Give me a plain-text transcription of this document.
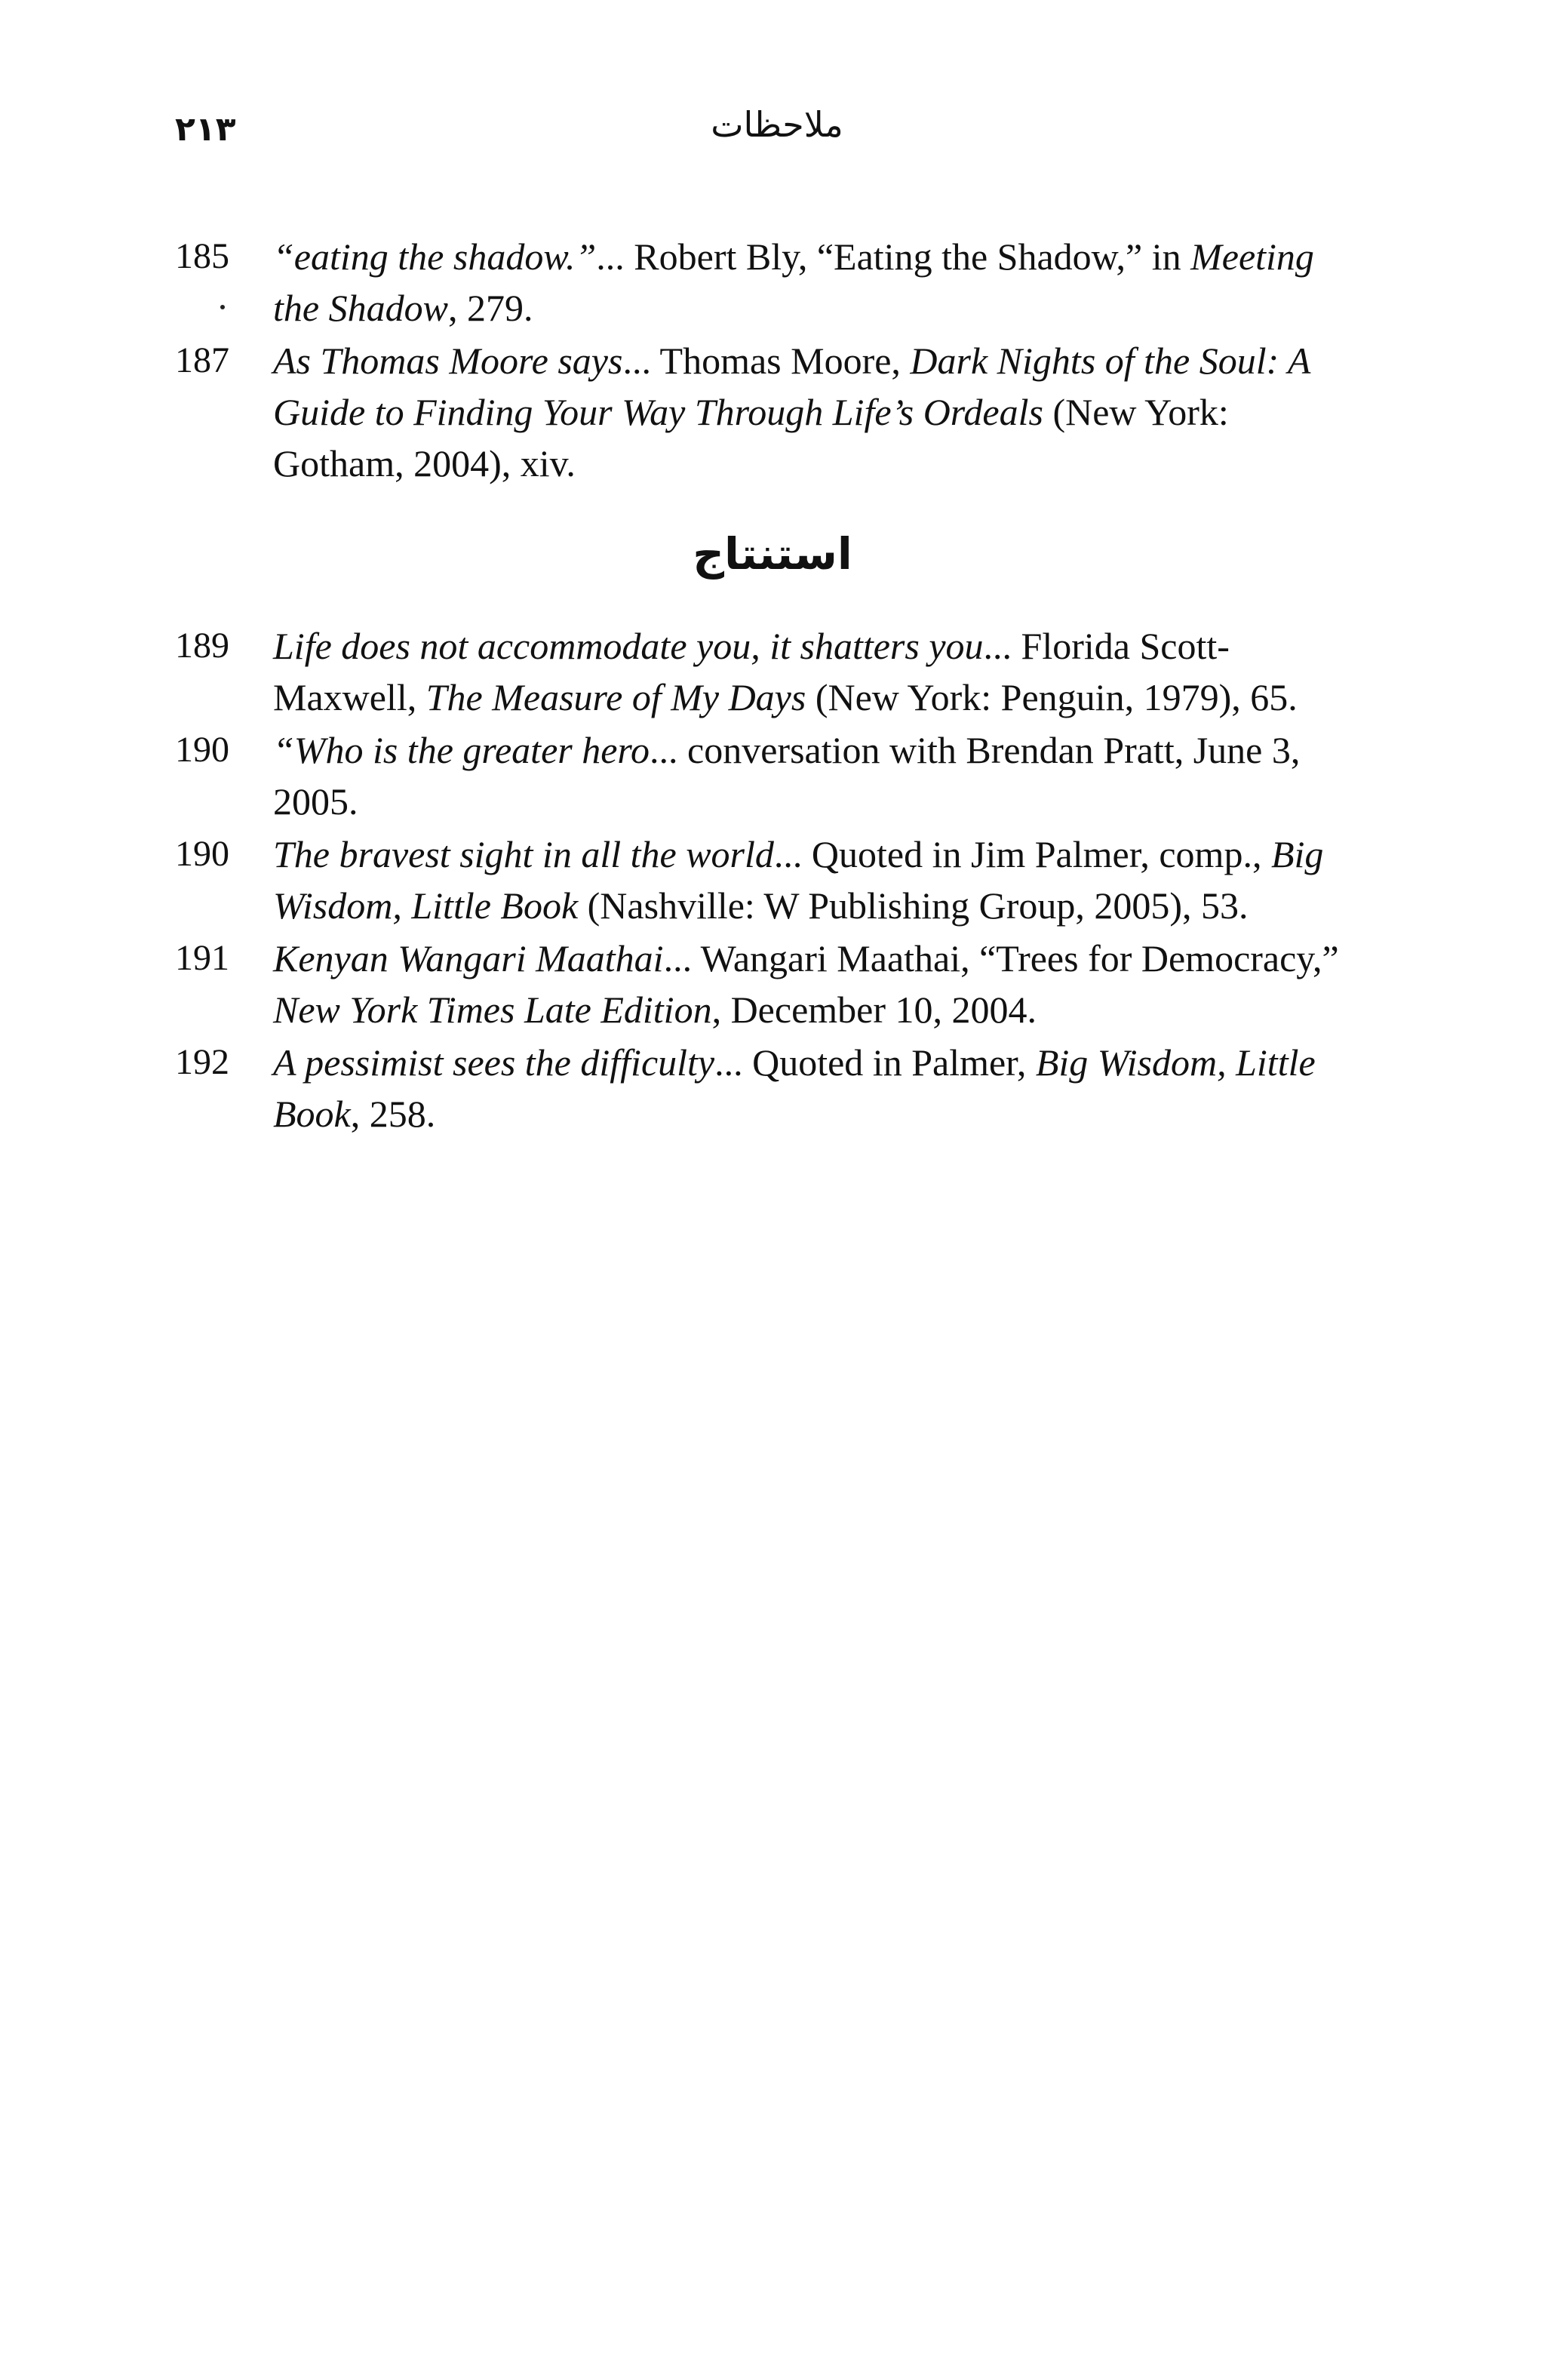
٢١٣	ملاحظات
185 “eating the shadow.”... Robert Bly, “Eating the Shadow,” in Meeting the Shadow, 279.
187 As Thomas Moore says... Thomas Moore, Dark Nights of the Soul: A Guide to Finding Your Way Through Life’s Ordeals (New York: Gotham, 2004), xiv.
استنتاج
189 Life does not accommodate you, it shatters you... Florida Scott-Maxwell, The Measure of My Days (New York: Penguin, 1979), 65.
190 “Who is the greater hero... conversation with Brendan Pratt, June 3, 2005.
190 The bravest sight in all the world... Quoted in Jim Palmer, comp., Big Wisdom, Little Book (Nashville: W Publishing Group, 2005), 53.
191 Kenyan Wangari Maathai... Wangari Maathai, “Trees for Democracy,” New York Times Late Edition, December 10, 2004.
192 A pessimist sees the difficulty... Quoted in Palmer, Big Wisdom, Little Book, 258.
